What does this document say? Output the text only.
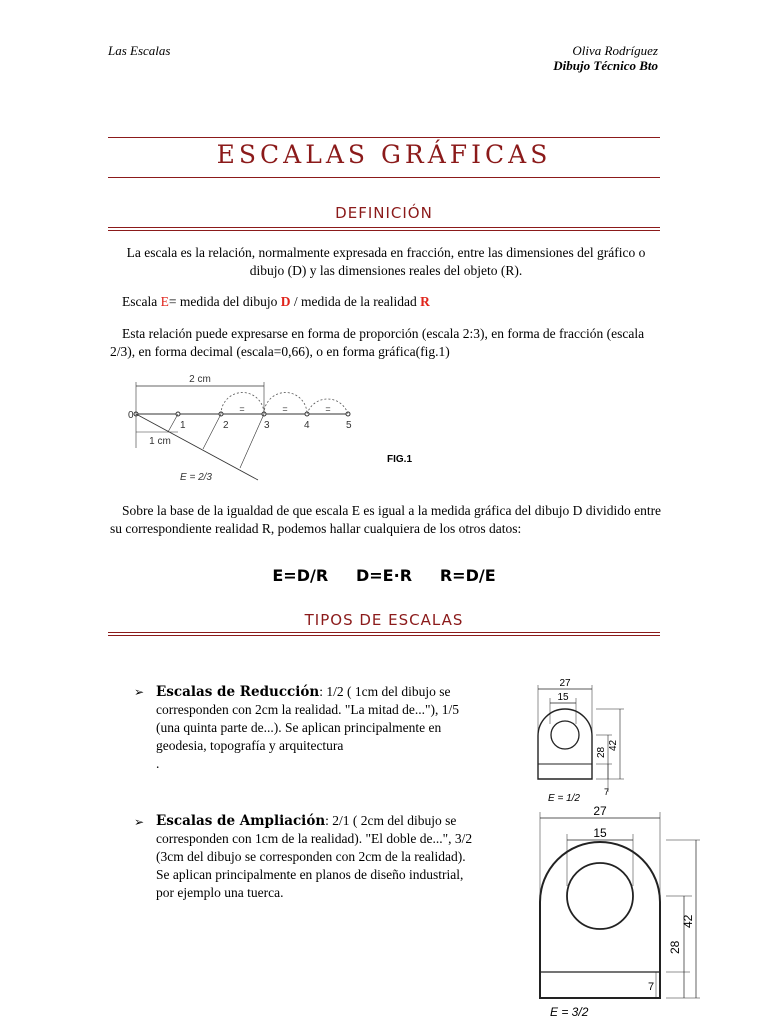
Las Escalas	Oliva Rodríguez
Dibujo Técnico Bto
ESCALAS GRÁFICAS
DEFINICIÓN
La escala es la relación, normalmente expresada en fracción, entre las dimensiones del gráfico o dibujo (D) y las dimensiones reales del objeto (R).
Escala E= medida del dibujo D / medida de la realidad R
Esta relación puede expresarse en forma de proporción (escala 2:3), en forma de fracción (escala 2/3), en forma decimal (escala=0,66), o en forma gráfica(fig.1)
2 cm
=	=	=
1 cm
0
1	2	3	4	5
E = 2/3
FIG.1
Sobre la base de la igualdad de que escala E es igual a la medida gráfica del dibujo D dividido entre su correspondiente realidad R, podemos hallar cualquiera de los otros datos:
E=D/R     D=E·R     R=D/E
TIPOS DE ESCALAS
➢ Escalas de Reducción: 1/2 ( 1cm del dibujo se
corresponden con 2cm la realidad. "La mitad de..."), 1/5
(una quinta parte de...). Se aplican principalmente en
geodesia, topografía y arquitectura
.
➢ Escalas de Ampliación: 2/1 ( 2cm del dibujo se
corresponden con 1cm de la realidad). "El doble de...", 3/2
(3cm del dibujo se corresponden con 2cm de la realidad).
Se aplican principalmente en planos de diseño industrial,
por ejemplo una tuerca.
27
15
28
42
7
E = 1/2
27
15
28
42
7
E = 3/2
